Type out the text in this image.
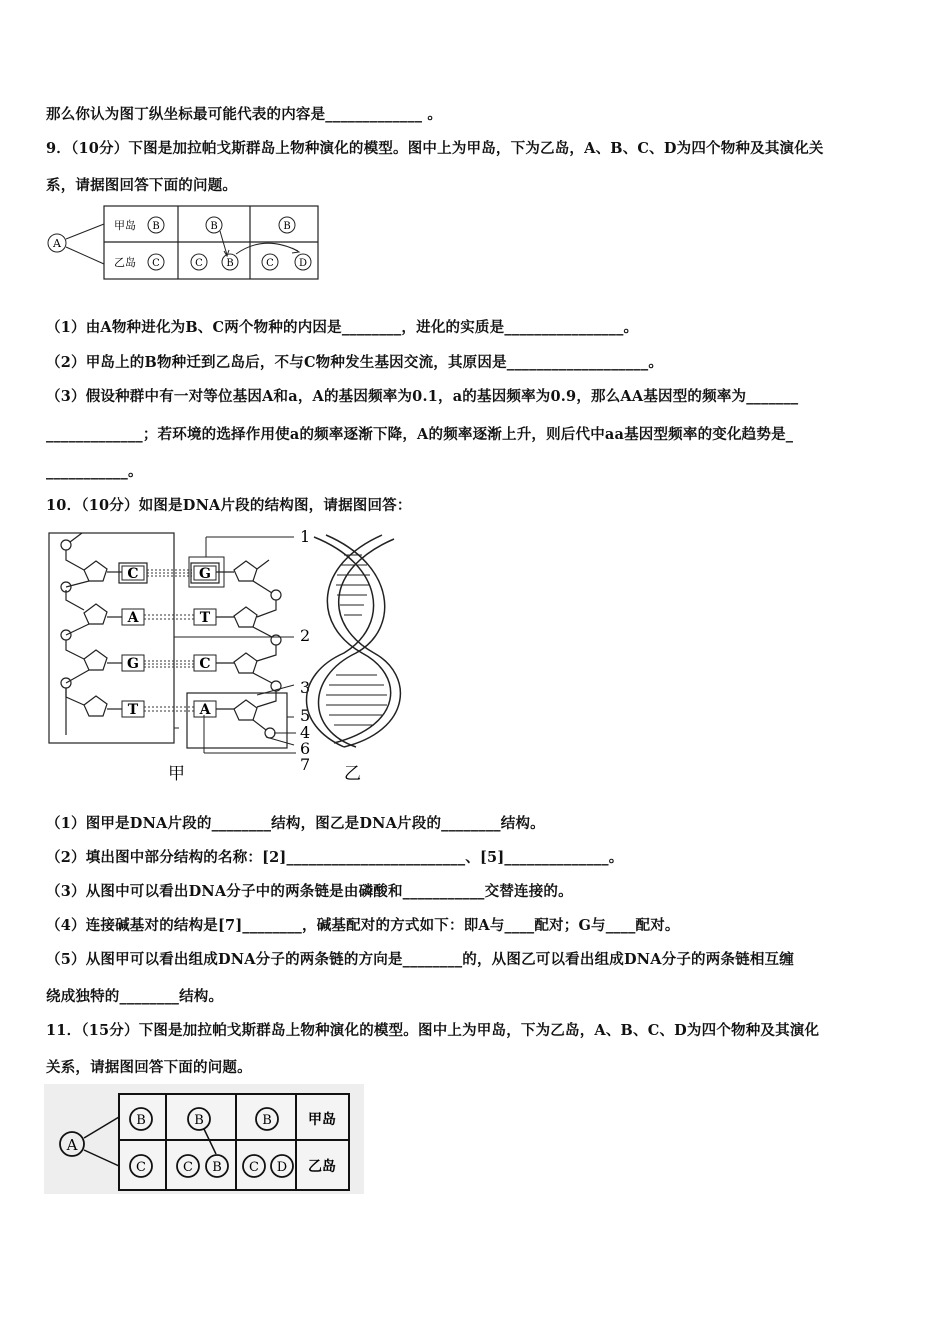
那么你认为图丁纵坐标最可能代表的内容是_____________ 。
9．（10分）下图是加拉帕戈斯群岛上物种演化的模型。图中上为甲岛，下为乙岛，A、B、C、D为四个物种及其演化关
系，请据图回答下面的问题。
A
甲岛
乙岛
B
C
B
C B
B
C	D
（1）由A物种进化为B、C两个物种的内因是________，进化的实质是________________。
（2）甲岛上的B物种迁到乙岛后，不与C物种发生基因交流，其原因是___________________。
（3）假设种群中有一对等位基因A和a，A的基因频率为0.1，a的基因频率为0.9，那么AA基因型的频率为_______
_____________；若环境的选择作用使a的频率逐渐下降，A的频率逐渐上升，则后代中aa基因型频率的变化趋势是_
___________。
10．（10分）如图是DNA片段的结构图，请据图回答：
C
A
G
T
G
T
C
A
1
2
3
4
5
6
7
甲	乙
（1）图甲是DNA片段的________结构，图乙是DNA片段的________结构。
（2）填出图中部分结构的名称：[2]________________________、[5]______________。
（3）从图中可以看出DNA分子中的两条链是由磷酸和___________交替连接的。
（4）连接碱基对的结构是[7]________，碱基配对的方式如下：即A与____配对；G与____配对。
（5）从图甲可以看出组成DNA分子的两条链的方向是________的，从图乙可以看出组成DNA分子的两条链相互缠
绕成独特的________结构。
11．（15分）下图是加拉帕戈斯群岛上物种演化的模型。图中上为甲岛，下为乙岛，A、B、C、D为四个物种及其演化
关系，请据图回答下面的问题。
A
B
C
B
C B
B
C D
甲岛
乙岛
